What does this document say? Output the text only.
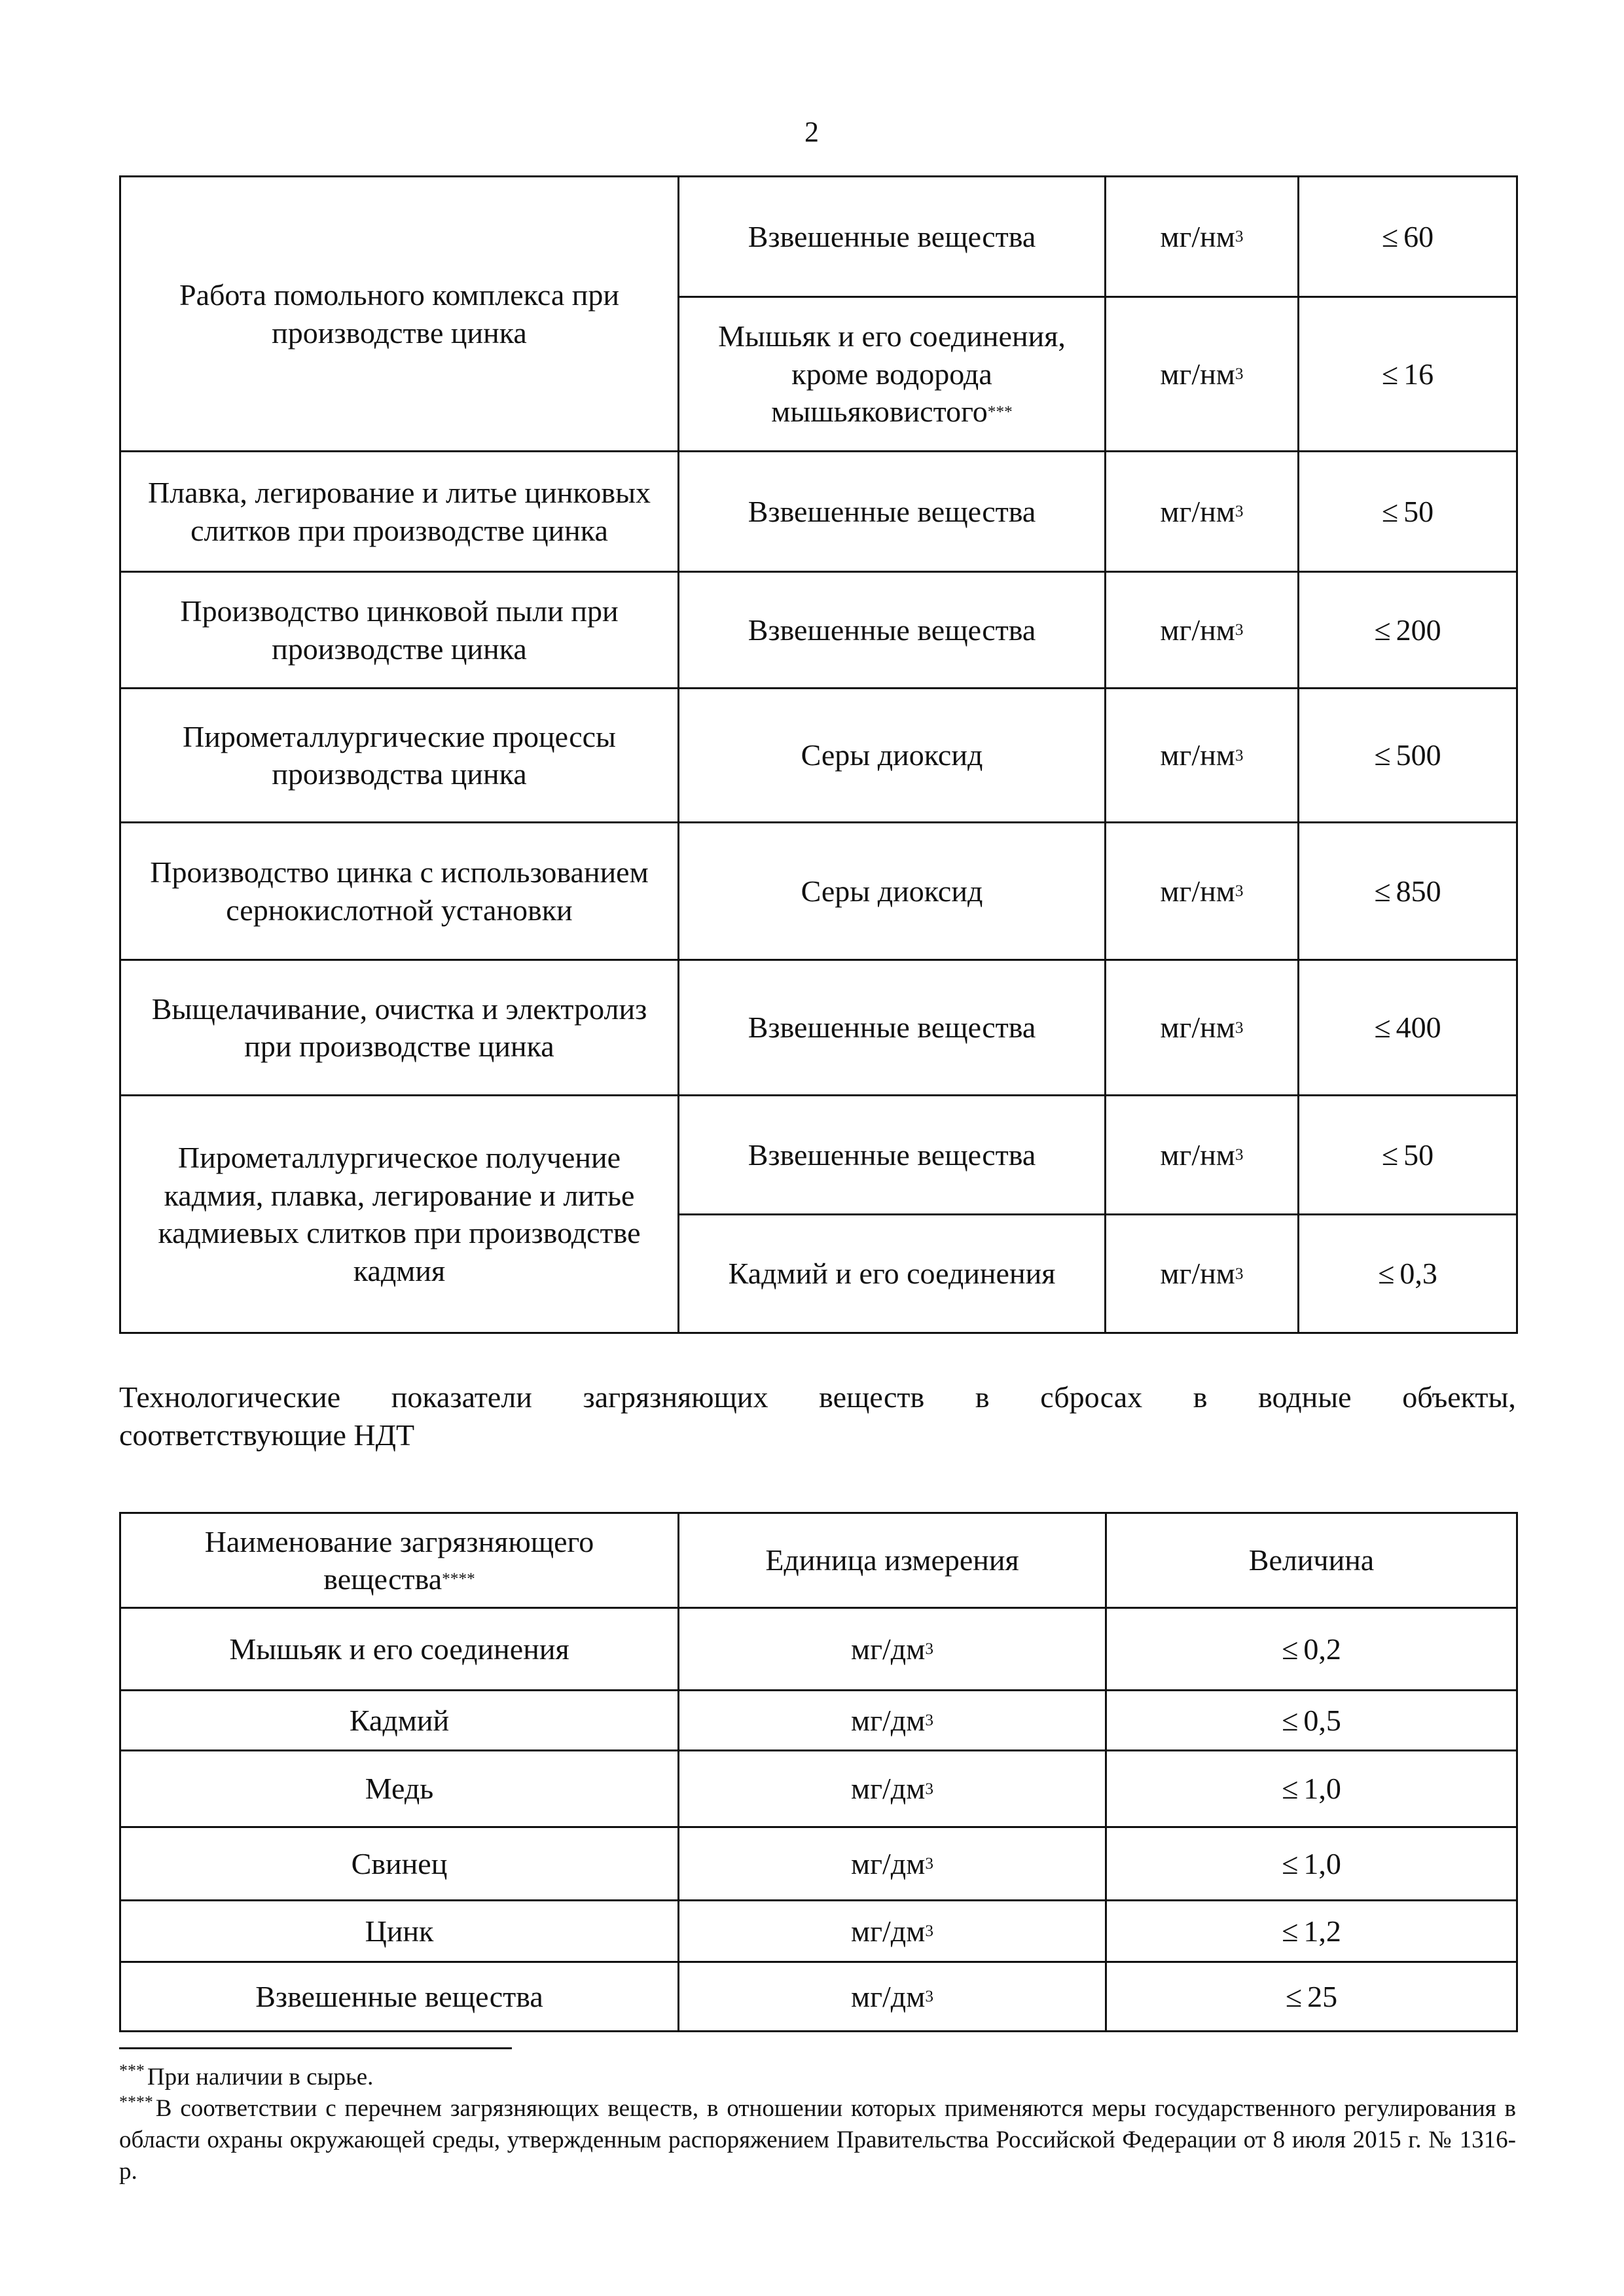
2
Работа помольного комплекса при производстве цинка	Взвешенные вещества	$мг/нм^3$	≤ 60
	Мышьяк и его соединения, кроме водорода мышьяковистого***	$мг/нм^3$	≤ 16
Плавка, легирование и литье цинковых слитков при производстве цинка	Взвешенные вещества	$мг/нм^3$	≤ 50
Производство цинковой пыли при производстве цинка	Взвешенные вещества	$мг/нм^3$	≤ 200
Пирометаллургические процессы производства цинка	Серы диоксид	$мг/нм^3$	≤ 500
Производство цинка с использованием сернокислотной установки	Серы диоксид	$мг/нм^3$	≤ 850
Выщелачивание, очистка и электролиз при производстве цинка	Взвешенные вещества	$мг/нм^3$	≤ 400
Пирометаллургическое получение кадмия, плавка, легирование и литье кадмиевых слитков при производстве кадмия	Взвешенные вещества	$мг/нм^3$	≤ 50
	Кадмий и его соединения	$мг/нм^3$	≤ 0,3
Технологические показатели загрязняющих веществ в сбросах в водные объекты,
соответствующие НДТ
Наименование загрязняющего вещества****	Единица измерения	Величина
Мышьяк и его соединения	$мг/дм^3$	≤ 0,2
Кадмий	$мг/дм^3$	≤ 0,5
Медь	$мг/дм^3$	≤ 1,0
Свинец	$мг/дм^3$	≤ 1,0
Цинк	$мг/дм^3$	≤ 1,2
Взвешенные вещества	$мг/дм^3$	≤ 25

*** При наличии в сырье.

**** В соответствии с перечнем загрязняющих веществ, в отношении которых применяются меры государственного регулирования в области охраны окружающей среды, утвержденным распоряжением Правительства Российской Федерации от 8 июля 2015 г. № 1316-р.
